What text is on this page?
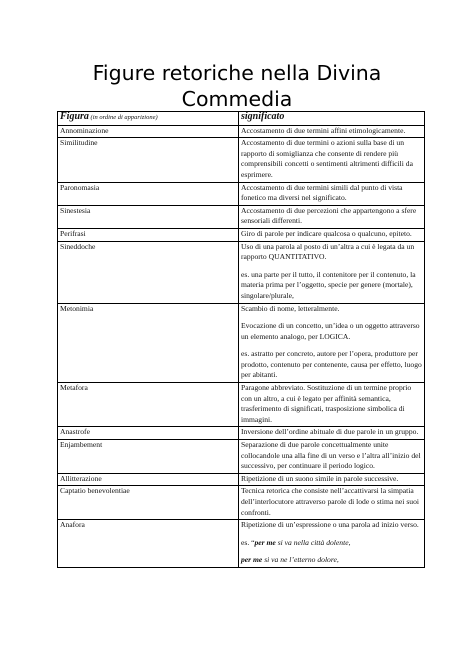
Figure retoriche nella Divina
Commedia
Figura (in ordine di apparizione)	significato
Annominazione	Accostamento di due termini affini etimologicamente.

Similitudine	Accostamento di due termini o azioni sulla base di un rapporto di somiglianza che consente di rendere più comprensibili concetti o sentimenti altrimenti difficili da esprimere.

Paronomasia	Accostamento di due termini simili dal punto di vista fonetico ma diversi nel significato.

Sinestesia	Accostamento di due percezioni che appartengono a sfere sensoriali differenti.

Perifrasi	Giro di parole per indicare qualcosa o qualcuno, epiteto.

Sineddoche	Uso di una parola al posto di un’altra a cui è legata da un rapporto QUANTITATIVO.
es. una parte per il tutto, il contenitore per il contenuto, la materia prima per l’oggetto, specie per genere (mortale), singolare/plurale,

Metonimia	Scambio di nome, letteralmente.
Evocazione di un concetto, un’idea o un oggetto attraverso un elemento analogo, per LOGICA.
es. astratto per concreto, autore per l’opera, produttore per prodotto, contenuto per contenente, causa per effetto, luogo per abitanti.

Metafora	Paragone abbreviato. Sostituzione di un termine proprio con un altro, a cui è legato per affinità semantica, trasferimento di significati, trasposizione simbolica di immagini.

Anastrofe	Inversione dell’ordine abituale di due parole in un gruppo.

Enjambement	Separazione di due parole concettualmente unite collocandole una alla fine di un verso e l’altra all’inizio del successivo, per continuare il periodo logico.

Allitterazione	Ripetizione di un suono simile in parole successive.

Captatio benevolentiae	Tecnica retorica che consiste nell’accattivarsi la simpatia dell’interlocutore attraverso parole di lode o stima nei suoi confronti.

Anafora	Ripetizione di un’espressione o una parola ad inizio verso.
es. “per me si va nella città dolente,
per me si va ne l’etterno dolore,
